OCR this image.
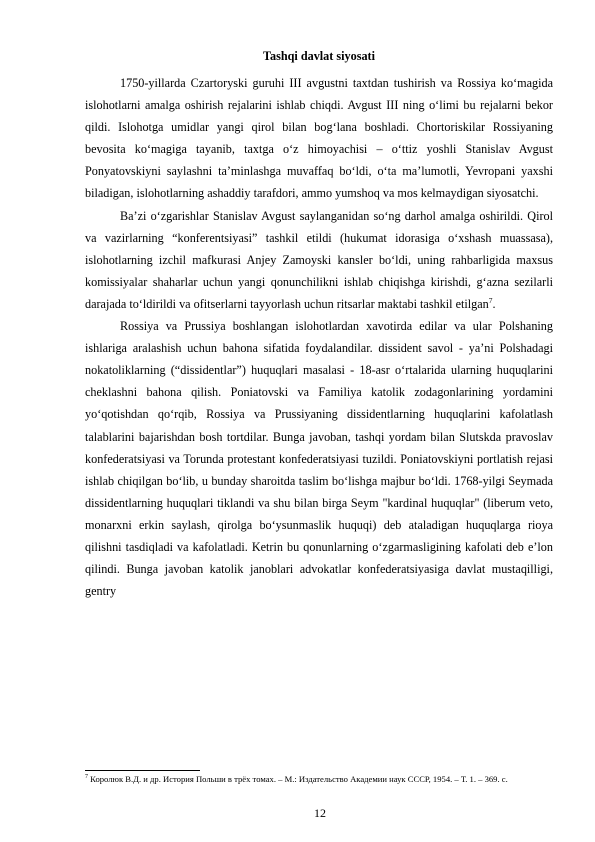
Tashqi davlat siyosati

1750-yillarda Czartoryski guruhi III avgustni taxtdan tushirish va Rossiya ko‘magida islohotlarni amalga oshirish rejalarini ishlab chiqdi. Avgust III ning o‘limi bu rejalarni bekor qildi. Islohotga umidlar yangi qirol bilan bog‘lana boshladi. Chortoriskilar Rossiyaning bevosita ko‘magiga tayanib, taxtga o‘z himoyachisi – o‘ttiz yoshli Stanislav Avgust Ponyatovskiyni saylashni ta’minlashga muvaffaq bo‘ldi, o‘ta ma’lumotli, Yevropani yaxshi biladigan, islohotlarning ashaddiy tarafdori, ammo yumshoq va mos kelmaydigan siyosatchi.

Ba’zi o‘zgarishlar Stanislav Avgust saylanganidan so‘ng darhol amalga oshirildi. Qirol va vazirlarning “konferentsiyasi” tashkil etildi (hukumat idorasiga o‘xshash muassasa), islohotlarning izchil mafkurasi Anjey Zamoyski kansler bo‘ldi, uning rahbarligida maxsus komissiyalar shaharlar uchun yangi qonunchilikni ishlab chiqishga kirishdi, g‘azna sezilarli darajada to‘ldirildi va ofitserlarni tayyorlash uchun ritsarlar maktabi tashkil etilgan$^7$.

Rossiya va Prussiya boshlangan islohotlardan xavotirda edilar va ular Polshaning ishlariga aralashish uchun bahona sifatida foydalandilar. dissident savol - ya’ni Polshadagi nokatoliklarning (“dissidentlar”) huquqlari masalasi - 18-asr o‘rtalarida ularning huquqlarini cheklashni bahona qilish. Poniatovski va Familiya katolik zodagonlarining yordamini yo‘qotishdan qo‘rqib, Rossiya va Prussiyaning dissidentlarning huquqlarini kafolatlash talablarini bajarishdan bosh tortdilar. Bunga javoban, tashqi yordam bilan Slutskda pravoslav konfederatsiyasi va Torunda protestant konfederatsiyasi tuzildi. Poniatovskiyni portlatish rejasi ishlab chiqilgan bo‘lib, u bunday sharoitda taslim bo‘lishga majbur bo‘ldi. 1768-yilgi Seymada dissidentlarning huquqlari tiklandi va shu bilan birga Seym "kardinal huquqlar" (liberum veto, monarxni erkin saylash, qirolga bo‘ysunmaslik huquqi) deb ataladigan huquqlarga rioya qilishni tasdiqladi va kafolatladi. Ketrin bu qonunlarning o‘zgarmasligining kafolati deb e’lon qilindi. Bunga javoban katolik janoblari advokatlar konfederatsiyasiga davlat mustaqilligi, gentry

$^7$ Королюк В.Д. и др. История Польши в трёх томах. – М.: Издательство Академии наук СССР, 1954. – Т. 1. – 369. с.

12
